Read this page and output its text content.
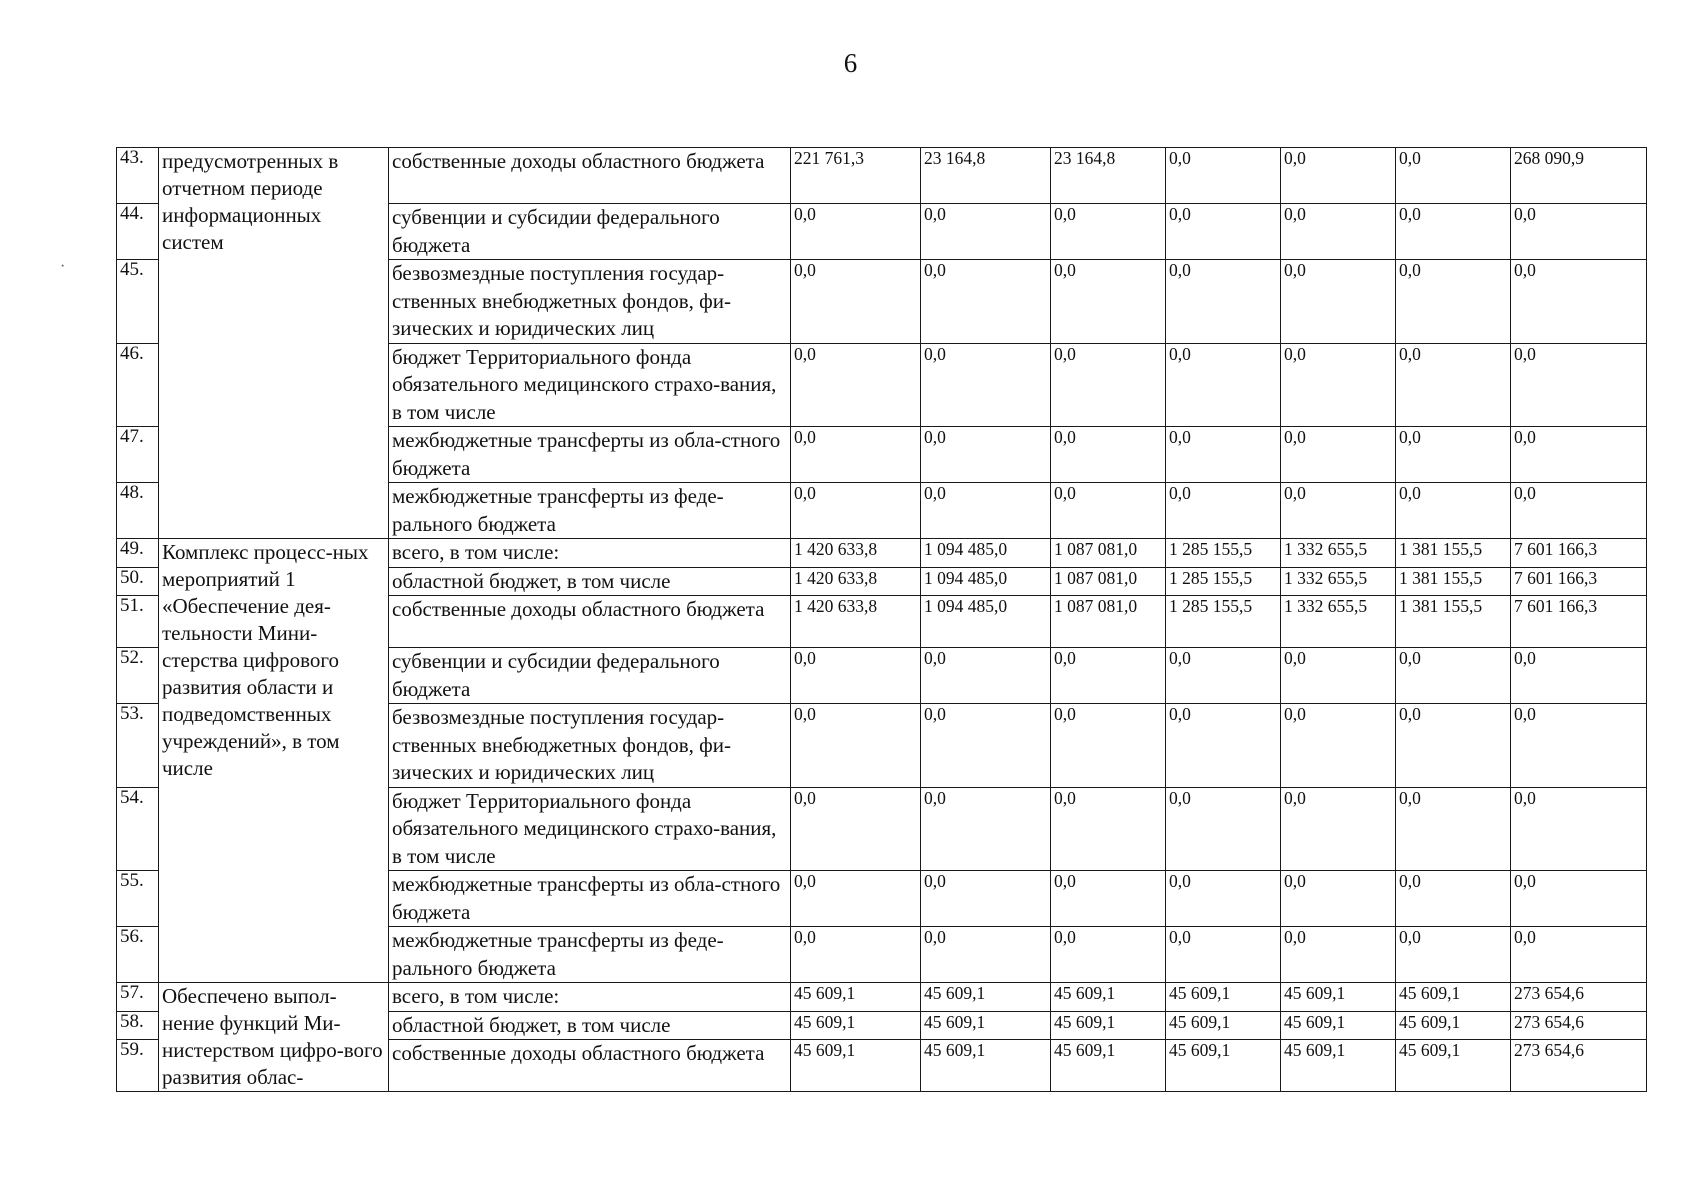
6
·
43.	предусмотренных в отчетном периоде информационных систем	собственные доходы областного бюджета	221 761,3	23 164,8	23 164,8	0,0	0,0	0,0	268 090,9
44.		субвенции и субсидии федерального бюджета	0,0	0,0	0,0	0,0	0,0	0,0	0,0
45.		безвозмездные поступления государ-ственных внебюджетных фондов, фи-зических и юридических лиц	0,0	0,0	0,0	0,0	0,0	0,0	0,0
46.		бюджет Территориального фонда обязательного медицинского страхо-вания, в том числе	0,0	0,0	0,0	0,0	0,0	0,0	0,0
47.		межбюджетные трансферты из обла-стного бюджета	0,0	0,0	0,0	0,0	0,0	0,0	0,0
48.		межбюджетные трансферты из феде-рального бюджета	0,0	0,0	0,0	0,0	0,0	0,0	0,0
49.	Комплекс процесс-ных мероприятий 1 «Обеспечение дея-тельности Мини-стерства цифрового развития области и подведомственных учреждений», в том числе	всего, в том числе:	1 420 633,8	1 094 485,0	1 087 081,0	1 285 155,5	1 332 655,5	1 381 155,5	7 601 166,3
50.		областной бюджет, в том числе	1 420 633,8	1 094 485,0	1 087 081,0	1 285 155,5	1 332 655,5	1 381 155,5	7 601 166,3
51.		собственные доходы областного бюджета	1 420 633,8	1 094 485,0	1 087 081,0	1 285 155,5	1 332 655,5	1 381 155,5	7 601 166,3
52.		субвенции и субсидии федерального бюджета	0,0	0,0	0,0	0,0	0,0	0,0	0,0
53.		безвозмездные поступления государ-ственных внебюджетных фондов, фи-зических и юридических лиц	0,0	0,0	0,0	0,0	0,0	0,0	0,0
54.		бюджет Территориального фонда обязательного медицинского страхо-вания, в том числе	0,0	0,0	0,0	0,0	0,0	0,0	0,0
55.		межбюджетные трансферты из обла-стного бюджета	0,0	0,0	0,0	0,0	0,0	0,0	0,0
56.		межбюджетные трансферты из феде-рального бюджета	0,0	0,0	0,0	0,0	0,0	0,0	0,0
57.	Обеспечено выпол-нение функций Ми-нистерством цифро-вого развития облас-	всего, в том числе:	45 609,1	45 609,1	45 609,1	45 609,1	45 609,1	45 609,1	273 654,6
58.		областной бюджет, в том числе	45 609,1	45 609,1	45 609,1	45 609,1	45 609,1	45 609,1	273 654,6
59.		собственные доходы областного бюджета	45 609,1	45 609,1	45 609,1	45 609,1	45 609,1	45 609,1	273 654,6
